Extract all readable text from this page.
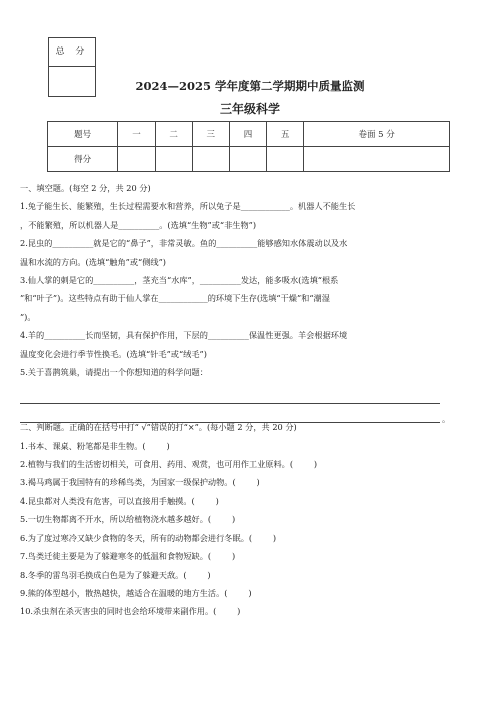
总 分
2024—2025 学年度第二学期期中质量监测
三年级科学
题号	一	二	三	四	五	卷面 5 分
得分						

一、填空题。(每空 2 分，共 20 分)

1.兔子能生长、能繁殖，生长过程需要水和营养，所以兔子是____________。机器人不能生长

，不能繁殖，所以机器人是__________。(选填“生物”或“非生物”)

2.昆虫的__________就是它的“鼻子”，非常灵敏。鱼的__________能够感知水体震动以及水

温和水流的方向。(选填“触角”或“侧线”)

3.仙人掌的刺是它的__________，茎充当“水库”，__________发达，能多吸水(选填“根系

”和“叶子”)。这些特点有助于仙人掌在____________的环境下生存(选填“干燥”和“潮湿

”)。

4.羊的__________长而坚韧，具有保护作用，下层的__________保温性更强。羊会根据环境

温度变化会进行季节性换毛。(选填“针毛”或“绒毛”)

5.关于喜鹊筑巢，请提出一个你想知道的科学问题：

二、判断题。正确的在括号中打“ √”错误的打“×”。(每小题 2 分，共 20 分)

1.书本、课桌、粉笔都是非生物。(        )

2.植物与我们的生活密切相关，可食用、药用、观赏，也可用作工业原料。(        )

3.褐马鸡属于我国特有的珍稀鸟类，为国家一级保护动物。(        )

4.昆虫都对人类没有危害，可以直接用手触摸。(        )

5.一切生物都离不开水，所以给植物浇水越多越好。(        )

6.为了度过寒冷又缺少食物的冬天，所有的动物都会进行冬眠。(        )

7.鸟类迁徙主要是为了躲避寒冬的低温和食物短缺。(        )

8.冬季的雷鸟羽毛换成白色是为了躲避天敌。(        )

9.熊的体型越小，散热越快，越适合在温暖的地方生活。(        )

10.杀虫剂在杀灭害虫的同时也会给环境带来副作用。(        )

。
